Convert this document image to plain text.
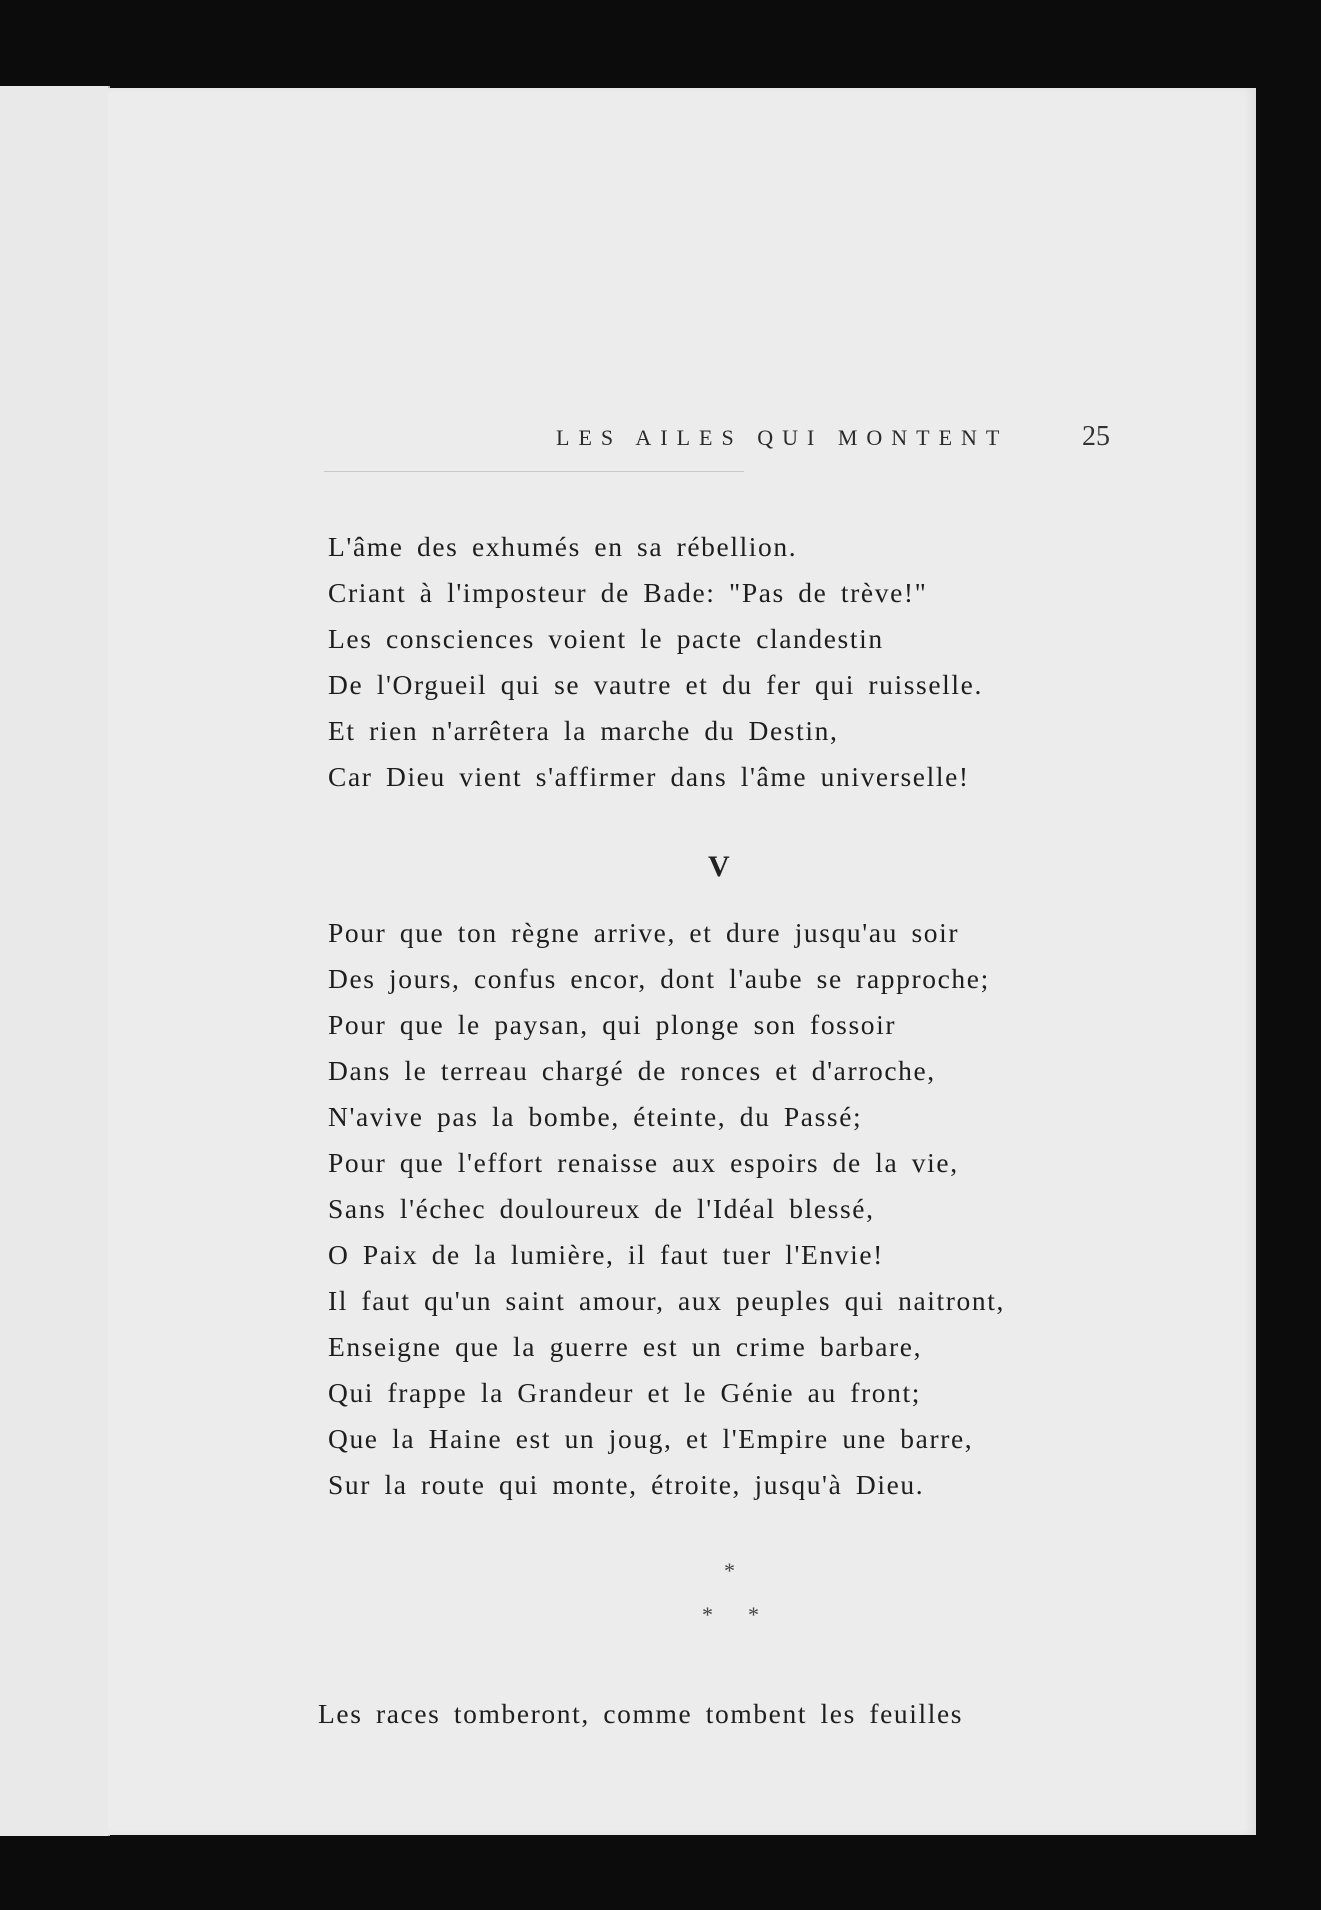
LES AILES QUI MONTENT	25
L'âme des exhumés en sa rébellion.
Criant à l'imposteur de Bade: "Pas de trève!"
Les consciences voient le pacte clandestin
De l'Orgueil qui se vautre et du fer qui ruisselle.
Et rien n'arrêtera la marche du Destin,
Car Dieu vient s'affirmer dans l'âme universelle!
V
Pour que ton règne arrive, et dure jusqu'au soir
Des jours, confus encor, dont l'aube se rapproche;
Pour que le paysan, qui plonge son fossoir
Dans le terreau chargé de ronces et d'arroche,
N'avive pas la bombe, éteinte, du Passé;
Pour que l'effort renaisse aux espoirs de la vie,
Sans l'échec douloureux de l'Idéal blessé,
O Paix de la lumière, il faut tuer l'Envie!
Il faut qu'un saint amour, aux peuples qui naitront,
Enseigne que la guerre est un crime barbare,
Qui frappe la Grandeur et le Génie au front;
Que la Haine est un joug, et l'Empire une barre,
Sur la route qui monte, étroite, jusqu'à Dieu.
*
* *
Les races tomberont, comme tombent les feuilles
